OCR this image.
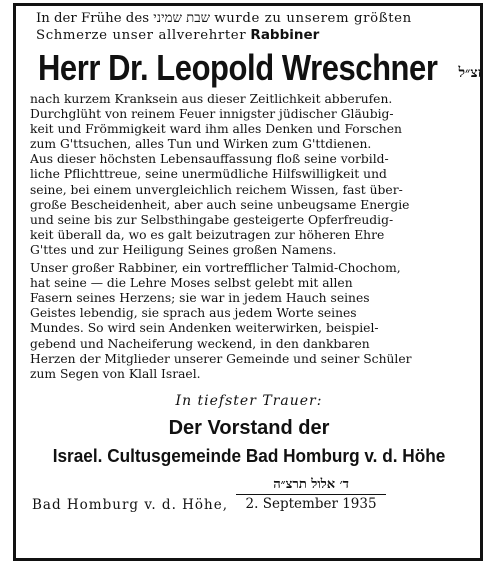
In der Frühe des שבת שמיני wurde zu unserem größten
Schmerze unser allverehrter Rabbiner
Herr Dr. Leopold Wreschner זצ״ל
nach kurzem Kranksein aus dieser Zeitlichkeit abberufen.
Durchglüht von reinem Feuer innigster jüdischer Gläubig-
keit und Frömmigkeit ward ihm alles Denken und Forschen
zum G'ttsuchen, alles Tun und Wirken zum G'ttdienen.
Aus dieser höchsten Lebensauffassung floß seine vorbild-
liche Pflichttreue, seine unermüdliche Hilfswilligkeit und
seine, bei einem unvergleichlich reichem Wissen, fast über-
große Bescheidenheit, aber auch seine unbeugsame Energie
und seine bis zur Selbsthingabe gesteigerte Opferfreudig-
keit überall da, wo es galt beizutragen zur höheren Ehre
G'ttes und zur Heiligung Seines großen Namens.
Unser großer Rabbiner, ein vortrefflicher Talmid-Chochom,
hat seine — die Lehre Moses selbst gelebt mit allen
Fasern seines Herzens; sie war in jedem Hauch seines
Geistes lebendig, sie sprach aus jedem Worte seines
Mundes. So wird sein Andenken weiterwirken, beispiel-
gebend und Nacheiferung weckend, in den dankbaren
Herzen der Mitglieder unserer Gemeinde und seiner Schüler
zum Segen von Klall Israel.
In tiefster Trauer:
Der Vorstand der
Israel. Cultusgemeinde Bad Homburg v. d. Höhe
Bad Homburg v. d. Höhe,
ד׳ אלול תרצ״ה
2. September 1935
